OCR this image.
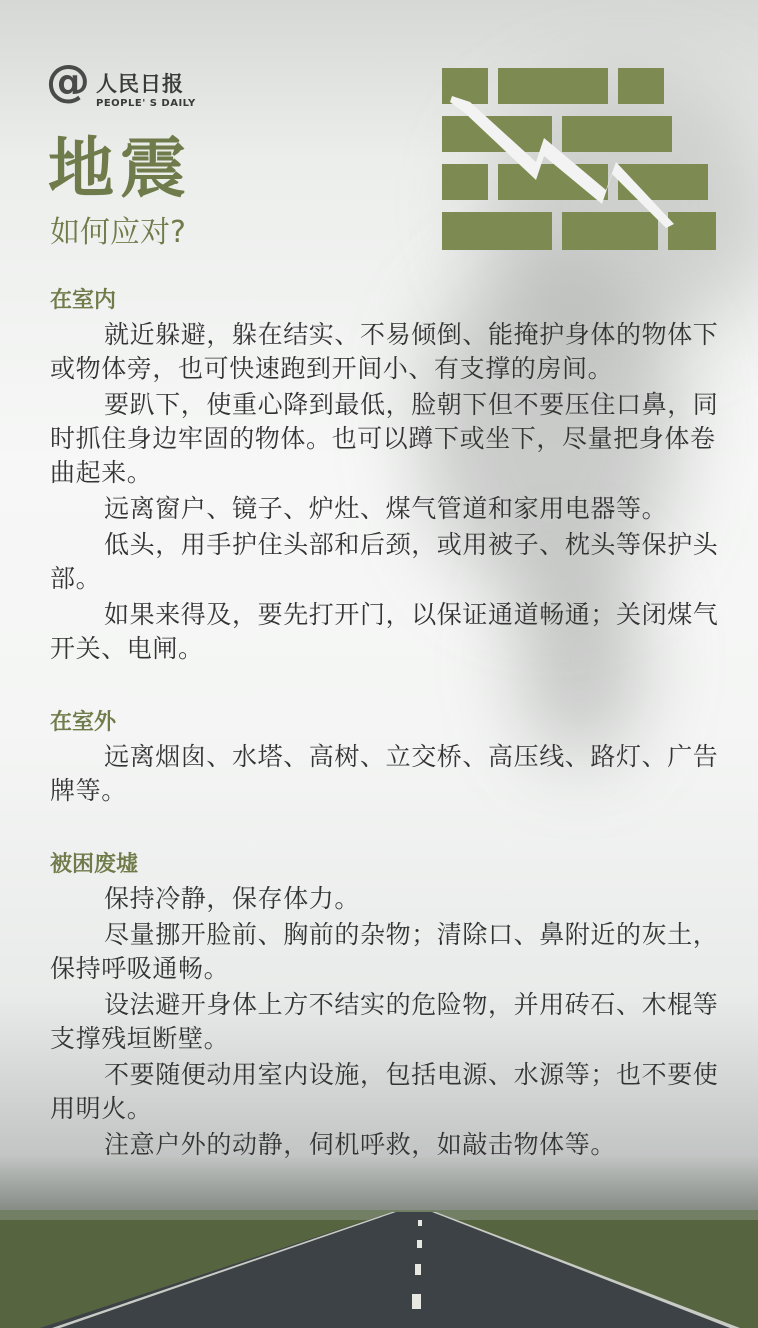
@ 人民日报
PEOPLE' S DAILY
地震
如何应对?
在室内

就近躲避，躲在结实、不易倾倒、能掩护身体的物体下或物体旁，也可快速跑到开间小、有支撑的房间。

要趴下，使重心降到最低，脸朝下但不要压住口鼻，同时抓住身边牢固的物体。也可以蹲下或坐下，尽量把身体卷曲起来。

远离窗户、镜子、炉灶、煤气管道和家用电器等。

低头，用手护住头部和后颈，或用被子、枕头等保护头部。

如果来得及，要先打开门，以保证通道畅通；关闭煤气开关、电闸。

在室外

远离烟囱、水塔、高树、立交桥、高压线、路灯、广告牌等。

被困废墟

保持冷静，保存体力。

尽量挪开脸前、胸前的杂物；清除口、鼻附近的灰土，保持呼吸通畅。

设法避开身体上方不结实的危险物，并用砖石、木棍等支撑残垣断壁。

不要随便动用室内设施，包括电源、水源等；也不要使用明火。

注意户外的动静，伺机呼救，如敲击物体等。
